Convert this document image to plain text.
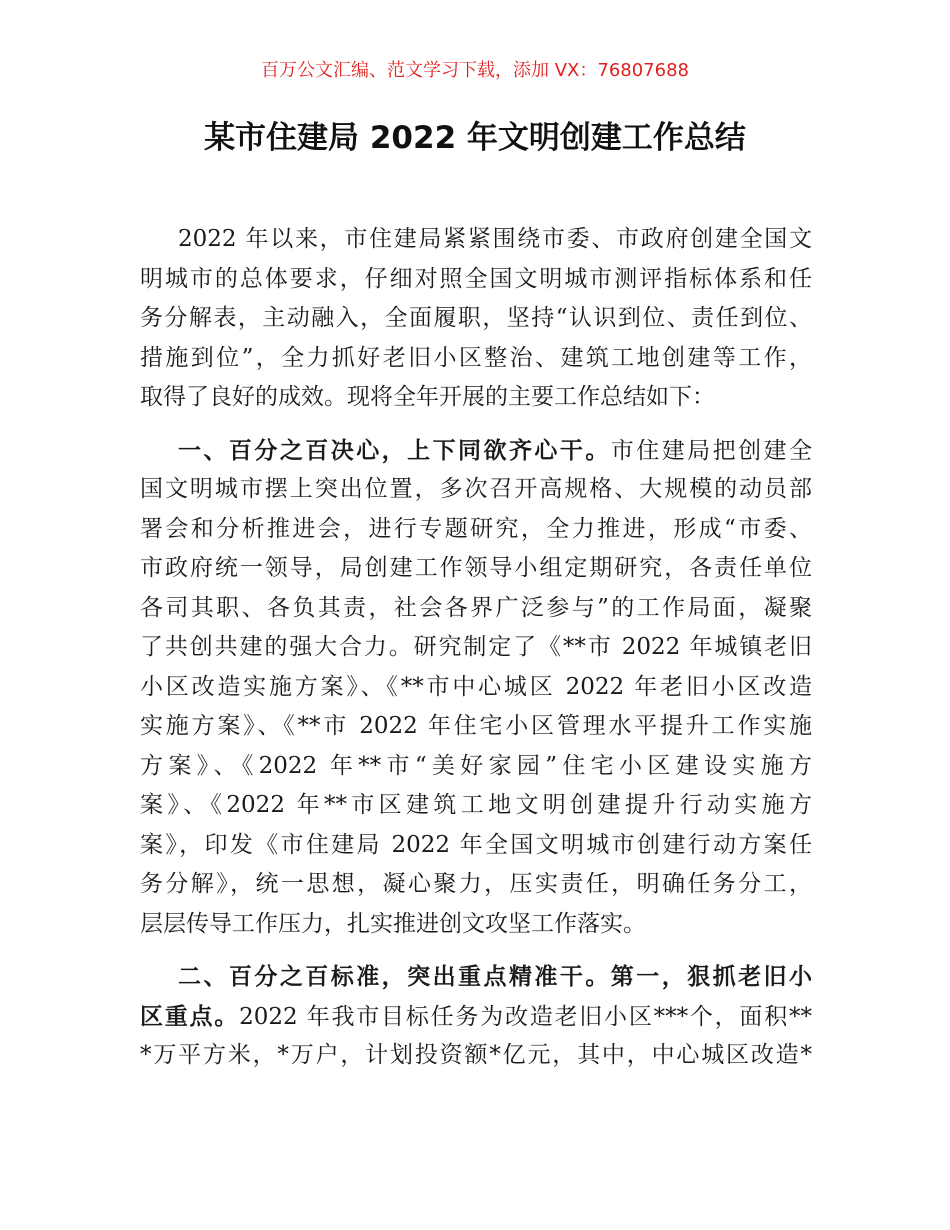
百万公文汇编、范文学习下载，添加 VX：76807688
某市住建局 2022 年文明创建工作总结
2022 年以来，市住建局紧紧围绕市委、市政府创建全国文
明城市的总体要求，仔细对照全国文明城市测评指标体系和任
务分解表，主动融入，全面履职，坚持“认识到位、责任到位、
措施到位”，全力抓好老旧小区整治、建筑工地创建等工作，
取得了良好的成效。现将全年开展的主要工作总结如下：
一、百分之百决心，上下同欲齐心干。市住建局把创建全
国文明城市摆上突出位置，多次召开高规格、大规模的动员部
署会和分析推进会，进行专题研究，全力推进，形成“市委、
市政府统一领导，局创建工作领导小组定期研究，各责任单位
各司其职、各负其责，社会各界广泛参与”的工作局面，凝聚
了共创共建的强大合力。研究制定了《**市 2022 年城镇老旧
小区改造实施方案》、《**市中心城区 2022 年老旧小区改造
实施方案》、《**市 2022 年住宅小区管理水平提升工作实施
方案》、《2022 年**市“美好家园”住宅小区建设实施方
案》、《2022 年**市区建筑工地文明创建提升行动实施方
案》，印发《市住建局 2022 年全国文明城市创建行动方案任
务分解》，统一思想，凝心聚力，压实责任，明确任务分工，
层层传导工作压力，扎实推进创文攻坚工作落实。
二、百分之百标准，突出重点精准干。第一，狠抓老旧小
区重点。2022 年我市目标任务为改造老旧小区***个，面积**
*万平方米，*万户，计划投资额*亿元，其中，中心城区改造*
